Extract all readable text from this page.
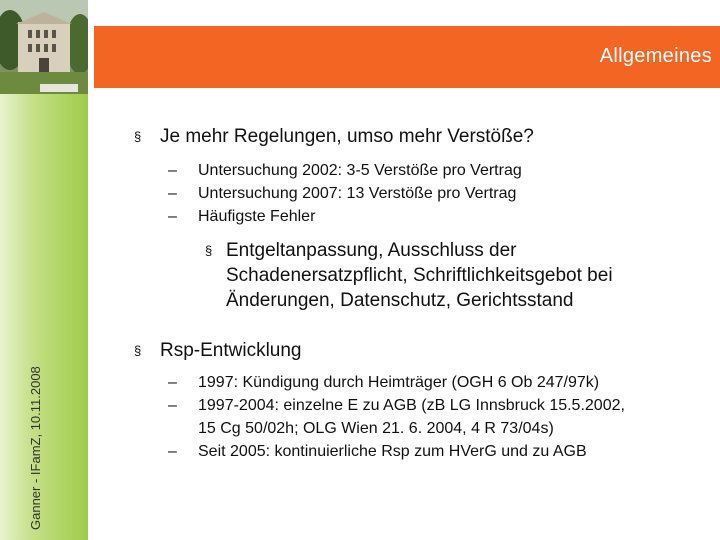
Ganner - IFamZ, 10.11.2008
Allgemeines
§ Je mehr Regelungen, umso mehr Verstöße?
– Untersuchung 2002: 3-5 Verstöße pro Vertrag
– Untersuchung 2007: 13 Verstöße pro Vertrag
– Häufigste Fehler
§ Entgeltanpassung, Ausschluss der
Schadenersatzpflicht, Schriftlichkeitsgebot bei
Änderungen, Datenschutz, Gerichtsstand
§ Rsp-Entwicklung
– 1997: Kündigung durch Heimträger (OGH 6 Ob 247/97k)
– 1997-2004: einzelne E zu AGB (zB LG Innsbruck 15.5.2002,
15 Cg 50/02h; OLG Wien 21. 6. 2004, 4 R 73/04s)
– Seit 2005: kontinuierliche Rsp zum HVerG und zu AGB
